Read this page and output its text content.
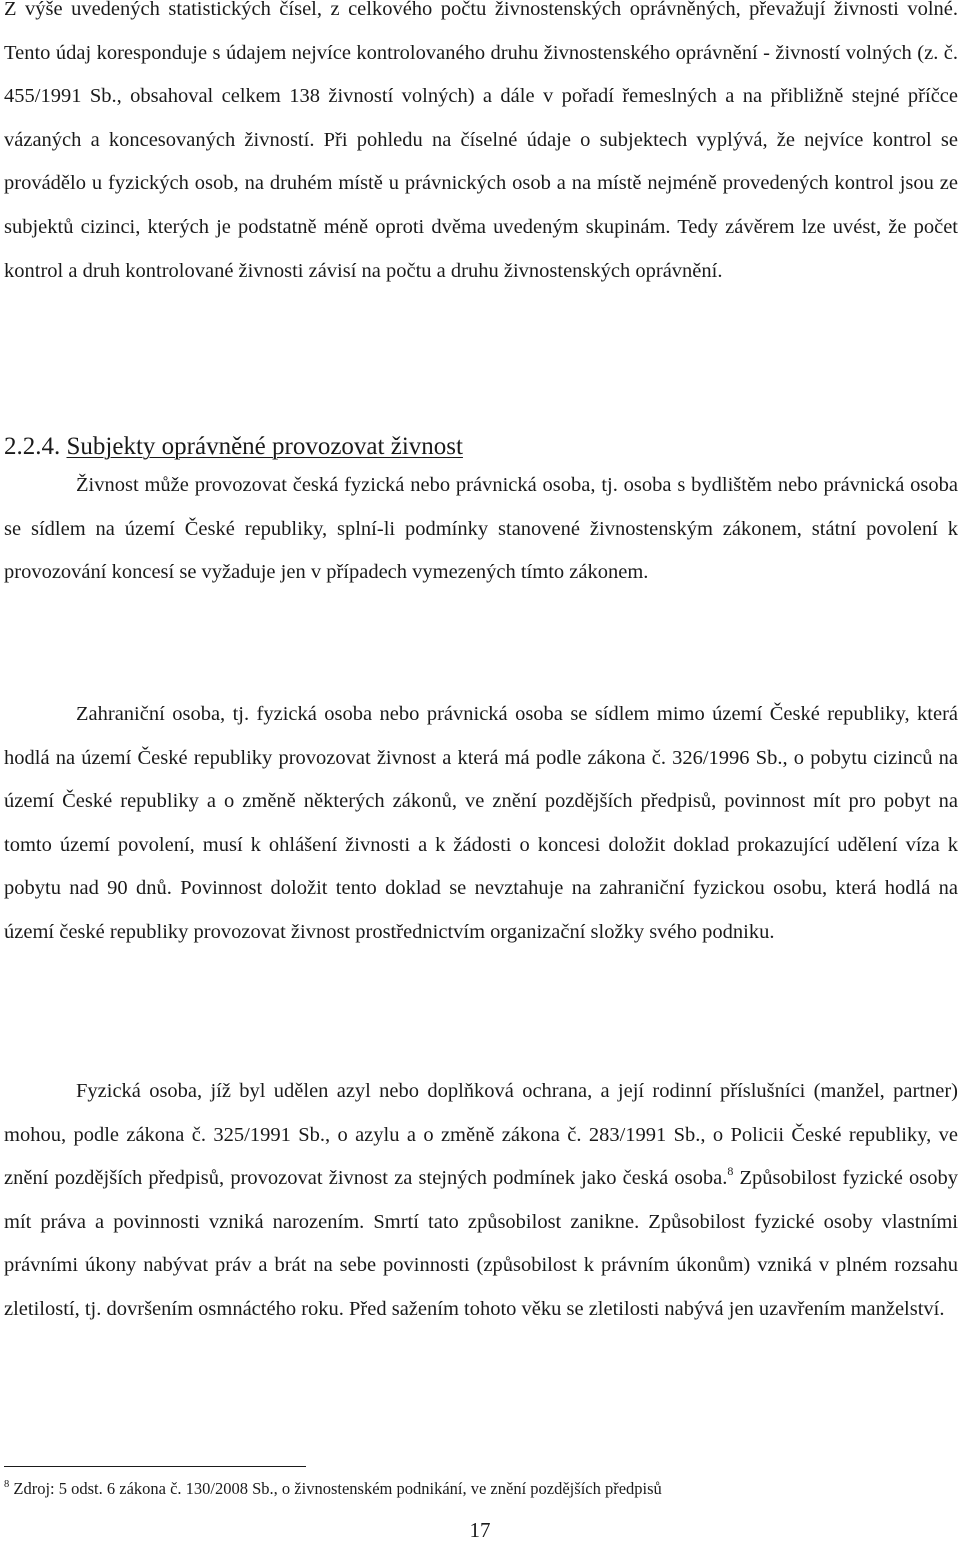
Z výše uvedených statistických čísel, z celkového počtu živnostenských oprávněných, převažují živnosti volné. Tento údaj koresponduje s údajem nejvíce kontrolovaného druhu živnostenského oprávnění - živností volných (z. č. 455/1991 Sb., obsahoval celkem 138 živností volných) a dále v pořadí řemeslných a na přibližně stejné příčce vázaných a koncesovaných živností. Při pohledu na číselné údaje o subjektech vyplývá, že nejvíce kontrol se provádělo u fyzických osob, na druhém místě u právnických osob a na místě nejméně provedených kontrol jsou ze subjektů cizinci, kterých je podstatně méně oproti dvěma uvedeným skupinám. Tedy závěrem lze uvést, že počet kontrol a druh kontrolované živnosti závisí na počtu a druhu živnostenských oprávnění.

2.2.4. Subjekty oprávněné provozovat živnost

Živnost může provozovat česká fyzická nebo právnická osoba, tj. osoba s bydlištěm nebo právnická osoba se sídlem na území České republiky, splní-li podmínky stanovené živnostenským zákonem, státní povolení k provozování koncesí se vyžaduje jen v případech vymezených tímto zákonem.

Zahraniční osoba, tj. fyzická osoba nebo právnická osoba se sídlem mimo území České republiky, která hodlá na území České republiky provozovat živnost a která má podle zákona č. 326/1996 Sb., o pobytu cizinců na území České republiky a o změně některých zákonů, ve znění pozdějších předpisů, povinnost mít pro pobyt na tomto území povolení, musí k ohlášení živnosti a k žádosti o koncesi doložit doklad prokazující udělení víza k pobytu nad 90 dnů. Povinnost doložit tento doklad se nevztahuje na zahraniční fyzickou osobu, která hodlá na území české republiky provozovat živnost prostřednictvím organizační složky svého podniku.

Fyzická osoba, jíž byl udělen azyl nebo doplňková ochrana, a její rodinní příslušníci (manžel, partner) mohou, podle zákona č. 325/1991 Sb., o azylu a o změně zákona č. 283/1991 Sb., o Policii České republiky, ve znění pozdějších předpisů, provozovat živnost za stejných podmínek jako česká osoba.$^8$ Způsobilost fyzické osoby mít práva a povinnosti vzniká narozením. Smrtí tato způsobilost zanikne. Způsobilost fyzické osoby vlastními právními úkony nabývat práv a brát na sebe povinnosti (způsobilost k právním úkonům) vzniká v plném rozsahu zletilostí, tj. dovršením osmnáctého roku. Před sažením tohoto věku se zletilosti nabývá jen uzavřením manželství.

$^8$ Zdroj: 5 odst. 6 zákona č. 130/2008 Sb., o živnostenském podnikání, ve znění pozdějších předpisů

17
